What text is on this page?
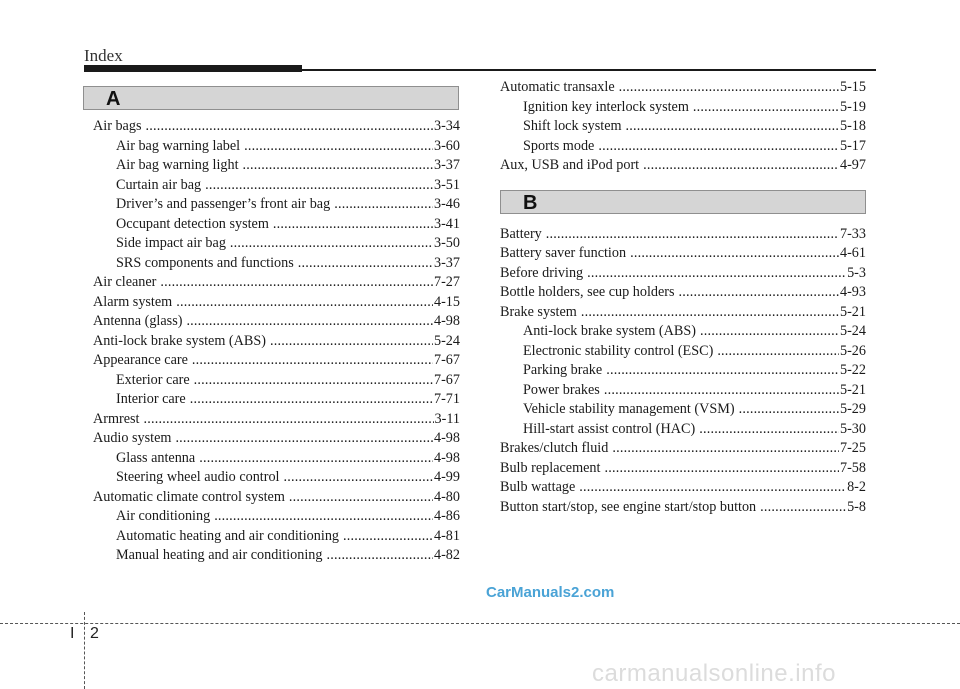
Index
A
Air bags .....	3-34
Air bag warning label .....	3-60
Air bag warning light .....	3-37
Curtain air bag .....	3-51
Driver’s and passenger’s front air bag .....	3-46
Occupant detection system .....	3-41
Side impact air bag .....	3-50
SRS components and functions .....	3-37
Air cleaner .....	7-27
Alarm system .....	4-15
Antenna (glass) .....	4-98
Anti-lock brake system (ABS) .....	5-24
Appearance care .....	7-67
Exterior care .....	7-67
Interior care .....	7-71
Armrest .....	3-11
Audio system .....	4-98
Glass antenna .....	4-98
Steering wheel audio control .....	4-99
Automatic climate control system .....	4-80
Air conditioning .....	4-86
Automatic heating and air conditioning .....	4-81
Manual heating and air conditioning .....	4-82
Automatic transaxle .....	5-15
Ignition key interlock system .....	5-19
Shift lock system .....	5-18
Sports mode .....	5-17
Aux, USB and iPod port .....	4-97
B
Battery .....	7-33
Battery saver function .....	4-61
Before driving .....	5-3
Bottle holders, see cup holders .....	4-93
Brake system .....	5-21
Anti-lock brake system (ABS) .....	5-24
Electronic stability control (ESC) .....	5-26
Parking brake .....	5-22
Power brakes .....	5-21
Vehicle stability management (VSM) .....	5-29
Hill-start assist control (HAC) .....	5-30
Brakes/clutch fluid .....	7-25
Bulb replacement .....	7-58
Bulb wattage .....	8-2
Button start/stop, see engine start/stop button .....	5-8
CarManuals2.com
I 2
carmanualsonline.info
